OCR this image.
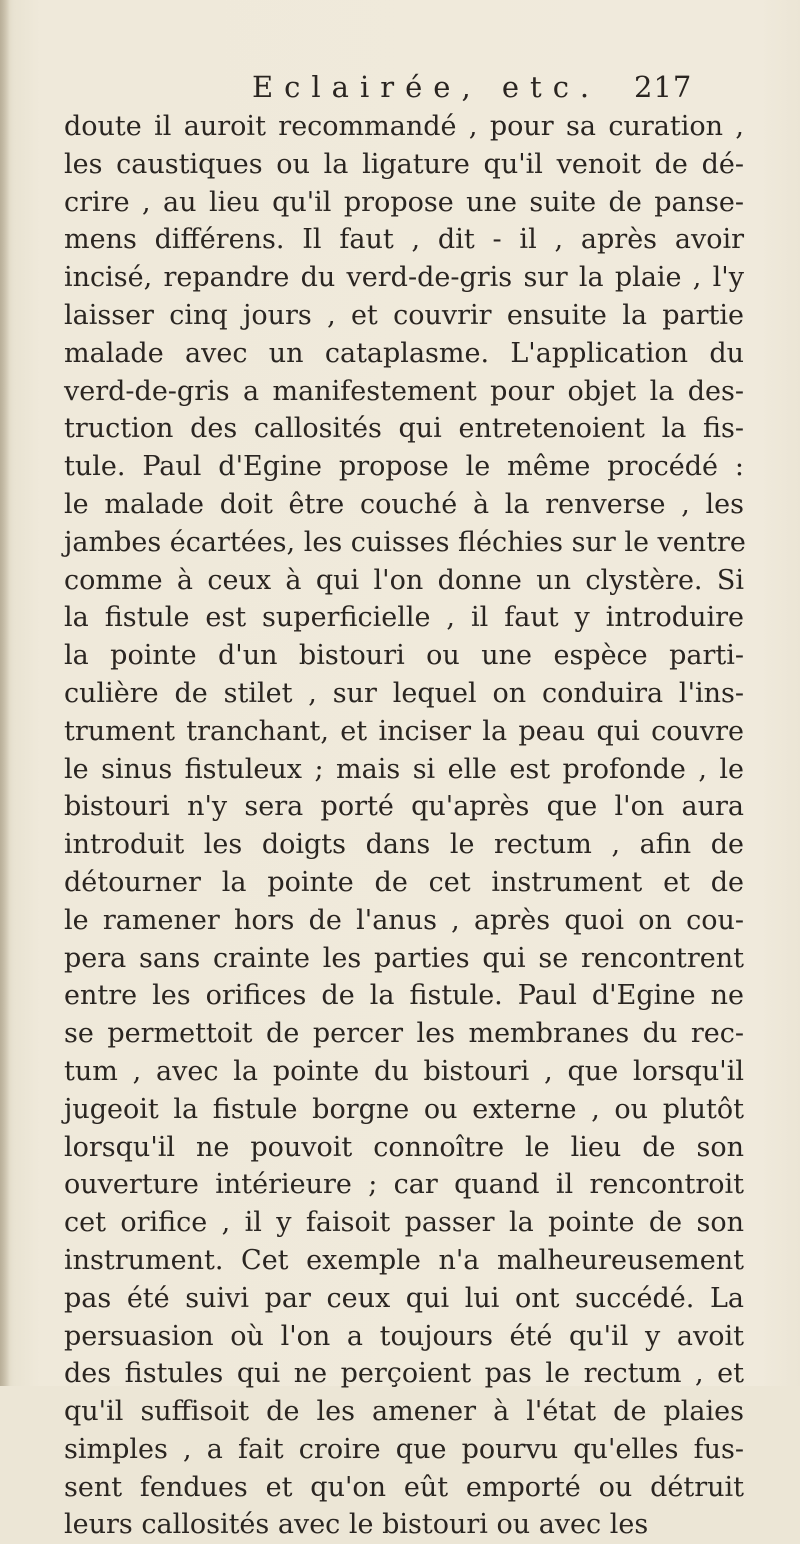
Eclairée, etc. 217
doute il auroit recommandé , pour sa curation ,
les caustiques ou la ligature qu'il venoit de dé-
crire , au lieu qu'il propose une suite de panse-
mens différens. Il faut , dit - il , après avoir
incisé, repandre du verd-de-gris sur la plaie , l'y
laisser cinq jours , et couvrir ensuite la partie
malade avec un cataplasme. L'application du
verd-de-gris a manifestement pour objet la des-
truction des callosités qui entretenoient la fis-
tule. Paul d'Egine propose le même procédé :
le malade doit être couché à la renverse , les
jambes écartées, les cuisses fléchies sur le ventre
comme à ceux à qui l'on donne un clystère. Si
la fistule est superficielle , il faut y introduire
la pointe d'un bistouri ou une espèce parti-
culière de stilet , sur lequel on conduira l'ins-
trument tranchant, et inciser la peau qui couvre
le sinus fistuleux ; mais si elle est profonde , le
bistouri n'y sera porté qu'après que l'on aura
introduit les doigts dans le rectum , afin de
détourner la pointe de cet instrument et de
le ramener hors de l'anus , après quoi on cou-
pera sans crainte les parties qui se rencontrent
entre les orifices de la fistule. Paul d'Egine ne
se permettoit de percer les membranes du rec-
tum , avec la pointe du bistouri , que lorsqu'il
jugeoit la fistule borgne ou externe , ou plutôt
lorsqu'il ne pouvoit connoître le lieu de son
ouverture intérieure ; car quand il rencontroit
cet orifice , il y faisoit passer la pointe de son
instrument. Cet exemple n'a malheureusement
pas été suivi par ceux qui lui ont succédé. La
persuasion où l'on a toujours été qu'il y avoit
des fistules qui ne perçoient pas le rectum , et
qu'il suffisoit de les amener à l'état de plaies
simples , a fait croire que pourvu qu'elles fus-
sent fendues et qu'on eût emporté ou détruit
leurs callosités avec le bistouri ou avec les
